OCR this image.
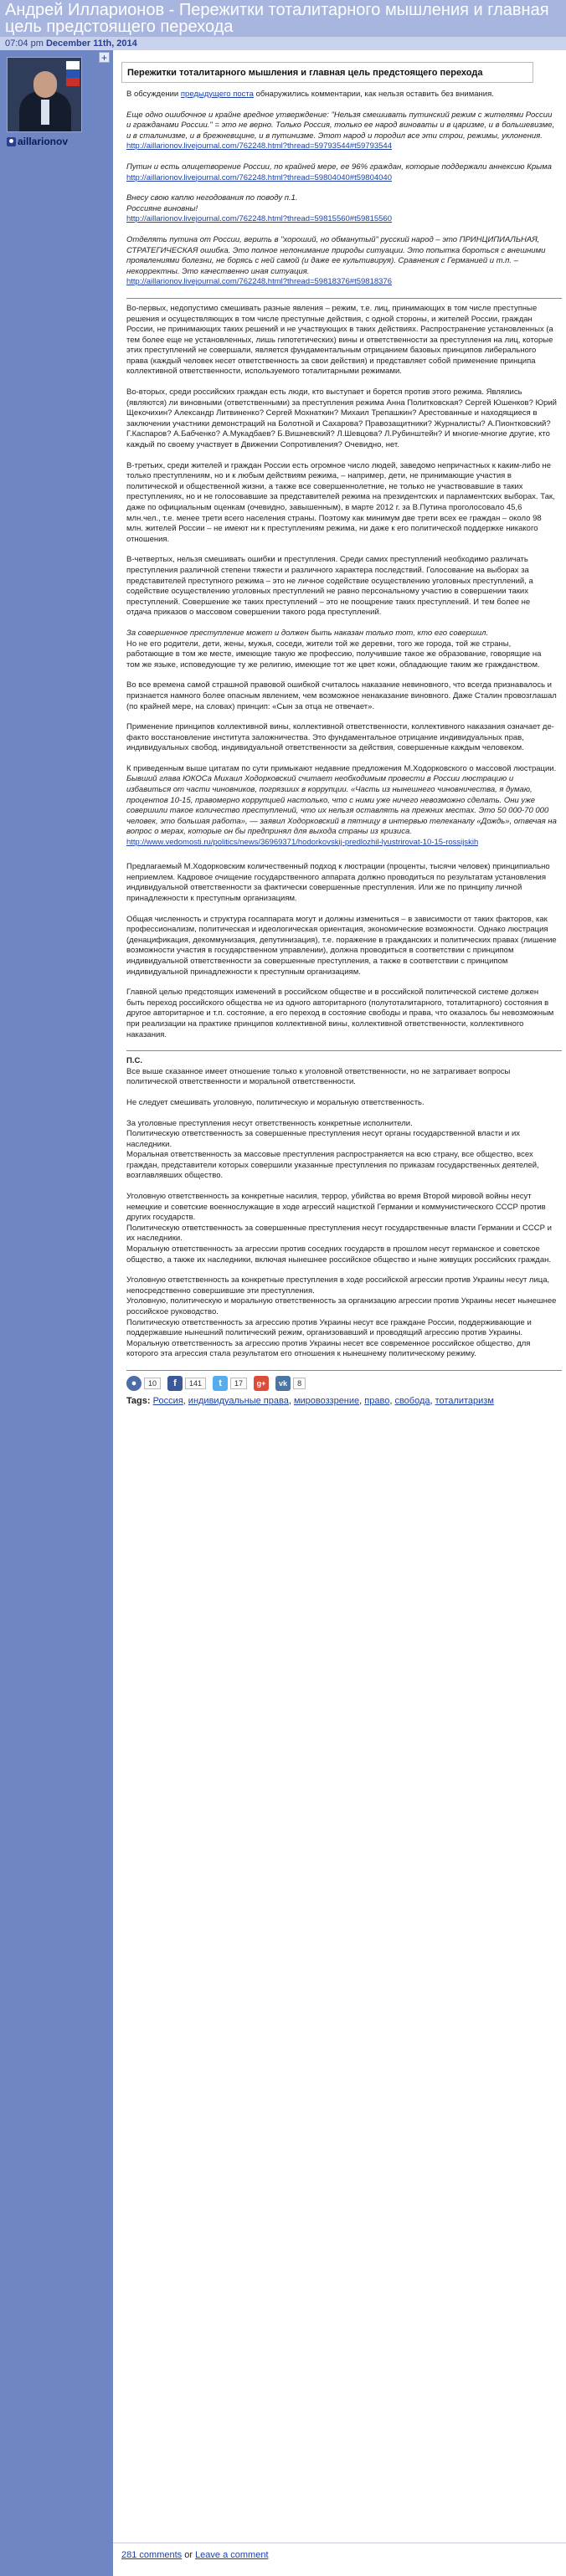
Андрей Илларионов - Пережитки тоталитарного мышления и главная цель предстоящего перехода
07:04 pm December 11th, 2014
+
aillarionov
Пережитки тоталитарного мышления и главная цель предстоящего перехода

В обсуждении предыдущего поста обнаружились комментарии, как нельзя оставить без внимания.

Еще одно ошибочное и крайне вредное утверждение: "Нельзя смешивать путинский режим с жителями России и гражданами России." = это не верно. Только Россия, только ее народ виноваты и в царизме, и в большевизме, и в сталинизме, и в брежневщине, и в путинизме. Этот народ и породил все эти строи, режимы, уклонения.
http://aillarionov.livejournal.com/762248.html?thread=59793544#t59793544

Путин и есть олицетворение России, по крайней мере, ее 96% граждан, которые поддержали аннексию Крыма
http://aillarionov.livejournal.com/762248.html?thread=59804040#t59804040

Внесу свою каплю негодования по поводу п.1.
Россияне виновны!
http://aillarionov.livejournal.com/762248.html?thread=59815560#t59815560

Отделять путина от России, верить в "хороший, но обманутый" русский народ – это ПРИНЦИПИАЛЬНАЯ, СТРАТЕГИЧЕСКАЯ ошибка. Это полное непонимание природы ситуации. Это попытка бороться с внешними проявлениями болезни, не борясь с ней самой (и даже ее культивируя). Сравнения с Германией и т.п. – некорректны. Это качественно иная ситуация.
http://aillarionov.livejournal.com/762248.html?thread=59818376#t59818376

Во-первых, недопустимо смешивать разные явления – режим, т.е. лиц, принимающих в том числе преступные решения и осуществляющих в том числе преступные действия, с одной стороны, и жителей России, граждан России, не принимающих таких решений и не участвующих в таких действиях. Распространение установленных (а тем более еще не установленных, лишь гипотетических) вины и ответственности за преступления на лиц, которые этих преступлений не совершали, является фундаментальным отрицанием базовых принципов либерального права (каждый человек несет ответственность за свои действия) и представляет собой применение принципа коллективной ответственности, используемого тоталитарными режимами.

Во-вторых, среди российских граждан есть люди, кто выступает и борется против этого режима. Являлись (являются) ли виновными (ответственными) за преступления режима Анна Политковская? Сергей Юшенков? Юрий Щекочихин? Александр Литвиненко? Сергей Мохнаткин? Михаил Трепашкин? Арестованные и находящиеся в заключении участники демонстраций на Болотной и Сахарова? Правозащитники? Журналисты? А.Пионтковский? Г.Каспаров? А.Бабченко? А.Мукадбаев? Б.Вишневский? Л.Шевцова? Л.Рубинштейн? И многие-многие другие, кто каждый по своему участвует в Движении Сопротивления? Очевидно, нет.

В-третьих, среди жителей и граждан России есть огромное число людей, заведомо непричастных к каким-либо не только преступлениям, но и к любым действиям режима, – например, дети, не принимающие участия в политической и общественной жизни, а также все совершеннолетние, не только не участвовавшие в таких преступлениях, но и не голосовавшие за представителей режима на президентских и парламентских выборах. Так, даже по официальным оценкам (очевидно, завышенным), в марте 2012 г. за В.Путина проголосовало 45,6 млн.чел., т.е. менее трети всего населения страны. Поэтому как минимум две трети всех ее граждан – около 98 млн. жителей России – не имеют ни к преступлениям режима, ни даже к его политической поддержке никакого отношения.

В-четвертых, нельзя смешивать ошибки и преступления. Среди самих преступлений необходимо различать преступления различной степени тяжести и различного характера последствий. Голосование на выборах за представителей преступного режима – это не личное содействие осуществлению уголовных преступлений, а содействие осуществлению уголовных преступлений не равно персональному участию в совершении таких преступлений. Совершение же таких преступлений – это не поощрение таких преступлений. И тем более не отдача приказов о массовом совершении такого рода преступлений.

За совершенное преступление может и должен быть наказан только тот, кто его совершил.
Но не его родители, дети, жены, мужья, соседи, жители той же деревни, того же города, той же страны, работающие в том же месте, имеющие такую же профессию, получившие такое же образование, говорящие на том же языке, исповедующие ту же религию, имеющие тот же цвет кожи, обладающие таким же гражданством.

Во все времена самой страшной правовой ошибкой считалось наказание невиновного, что всегда признавалось и признается намного более опасным явлением, чем возможное ненаказание виновного. Даже Сталин провозглашал (по крайней мере, на словах) принцип: «Сын за отца не отвечает».

Применение принципов коллективной вины, коллективной ответственности, коллективного наказания означает де-факто восстановление института заложничества. Это фундаментальное отрицание индивидуальных прав, индивидуальных свобод, индивидуальной ответственности за действия, совершенные каждым человеком.

К приведенным выше цитатам по сути примыкают недавние предложения М.Ходорковского о массовой люстрации.
Бывший глава ЮКОСа Михаил Ходорковский считает необходимым провести в России люстрацию и избавиться от части чиновников, погрязших в коррупции. «Часть из нынешнего чиновничества, я думаю, процентов 10-15, правомерно коррупцией настолько, что с ними уже ничего невозможно сделать. Они уже совершили такое количество преступлений, что их нельзя оставлять на прежних местах. Это 50 000-70 000 человек, это большая работа», — заявил Ходорковский в пятницу в интервью телеканалу «Дождь», отвечая на вопрос о мерах, которые он бы предпринял для выхода страны из кризиса.
http://www.vedomosti.ru/politics/news/36969371/hodorkovskij-predlozhil-lyustrirovat-10-15-rossijskih

Предлагаемый М.Ходорковским количественный подход к люстрации (проценты, тысячи человек) принципиально неприемлем. Кадровое очищение государственного аппарата должно проводиться по результатам установления индивидуальной ответственности за фактически совершенные преступления. Или же по принципу личной принадлежности к преступным организациям.

Общая численность и структура госаппарата могут и должны измениться – в зависимости от таких факторов, как профессионализм, политическая и идеологическая ориентация, экономические возможности. Однако люстрация (денацификация, декоммунизация, депутинизация), т.е. поражение в гражданских и политических правах (лишение возможности участия в государственном управлении), должна проводиться в соответствии с принципом индивидуальной ответственности за совершенные преступления, а также в соответствии с принципом индивидуальной принадлежности к преступным организациям.

Главной целью предстоящих изменений в российском обществе и в российской политической системе должен быть переход российского общества не из одного авторитарного (полутоталитарного, тоталитарного) состояния в другое авторитарное и т.п. состояние, а его переход в состояние свободы и права, что оказалось бы невозможным при реализации на практике принципов коллективной вины, коллективной ответственности, коллективного наказания.

П.С.
Все выше сказанное имеет отношение только к уголовной ответственности, но не затрагивает вопросы политической ответственности и моральной ответственности.

Не следует смешивать уголовную, политическую и моральную ответственность.

За уголовные преступления несут ответственность конкретные исполнители.
Политическую ответственность за совершенные преступления несут органы государственной власти и их наследники.
Моральная ответственность за массовые преступления распространяется на всю страну, все общество, всех граждан, представители которых совершили указанные преступления по приказам государственных деятелей, возглавлявших общество.

Уголовную ответственность за конкретные насилия, террор, убийства во время Второй мировой войны несут немецкие и советские военнослужащие в ходе агрессий нацисткой Германии и коммунистического СССР против других государств.
Политическую ответственность за совершенные преступления несут государственные власти Германии и СССР и их наследники.
Моральную ответственность за агрессии против соседних государств в прошлом несут германское и советское общество, а также их наследники, включая нынешнее российское общество и ныне живущих российских граждан.

Уголовную ответственность за конкретные преступления в ходе российской агрессии против Украины несут лица, непосредственно совершившие эти преступления.
Уголовную, политическую и моральную ответственность за организацию агрессии против Украины несет нынешнее российское руководство.
Политическую ответственность за агрессию против Украины несут все граждане России, поддерживающие и поддержавшие нынешний политический режим, организовавший и проводящий агрессию против Украины.
Моральную ответственность за агрессию против Украины несет все современное российское общество, для которого эта агрессия стала результатом его отношения к нынешнему политическому режиму.

●	10	f	141	t	17	g+	vk	8
Tags: Россия, индивидуальные права, мировоззрение, право, свобода, тоталитаризм
281 comments or Leave a comment
